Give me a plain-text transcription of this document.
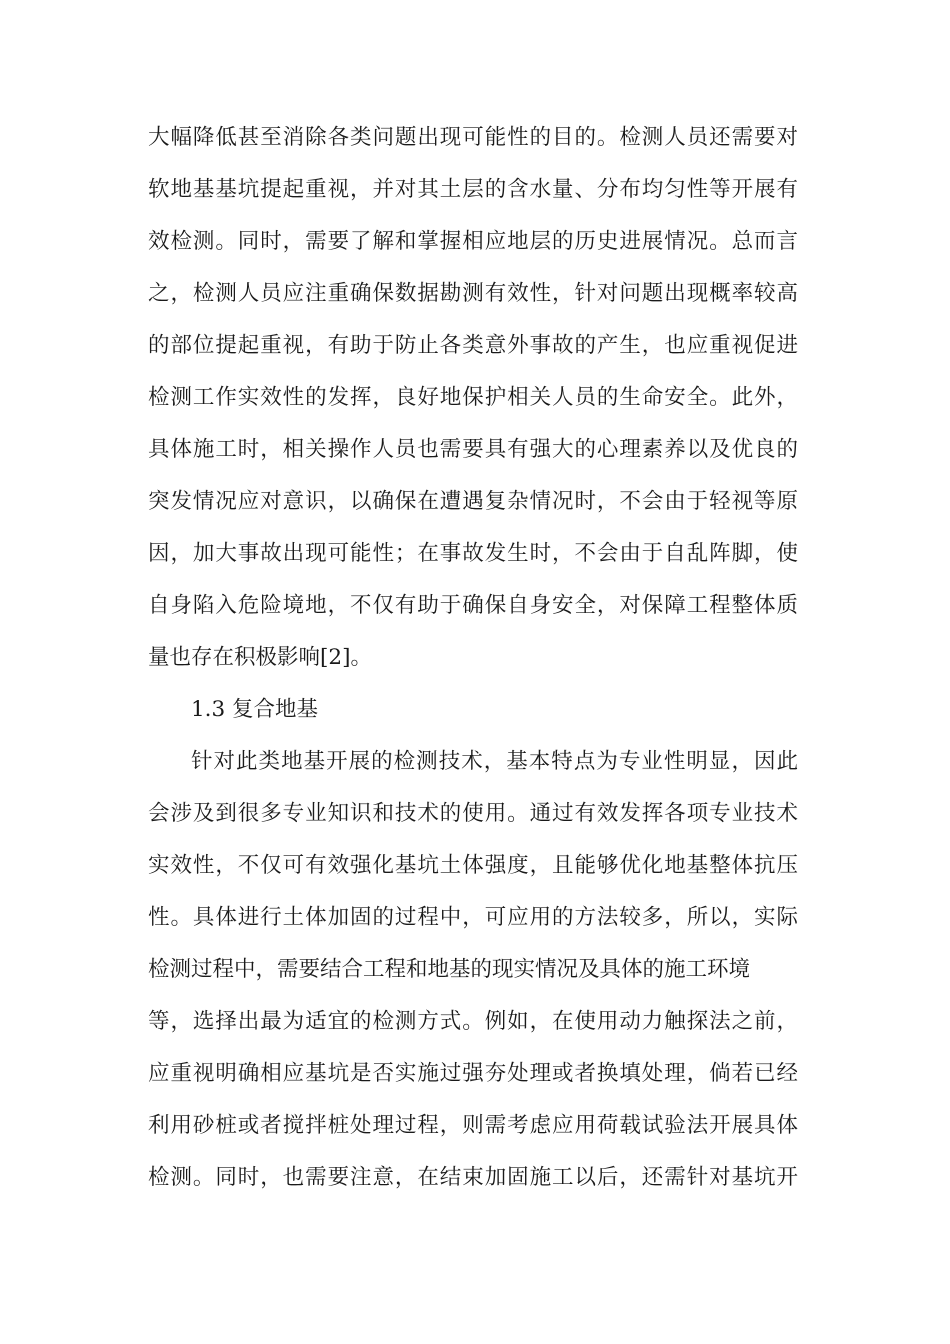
大幅降低甚至消除各类问题出现可能性的目的。检测人员还需要对
软地基基坑提起重视，并对其土层的含水量、分布均匀性等开展有
效检测。同时，需要了解和掌握相应地层的历史进展情况。总而言
之，检测人员应注重确保数据勘测有效性，针对问题出现概率较高
的部位提起重视，有助于防止各类意外事故的产生，也应重视促进
检测工作实效性的发挥，良好地保护相关人员的生命安全。此外，
具体施工时，相关操作人员也需要具有强大的心理素养以及优良的
突发情况应对意识，以确保在遭遇复杂情况时，不会由于轻视等原
因，加大事故出现可能性；在事故发生时，不会由于自乱阵脚，使
自身陷入危险境地，不仅有助于确保自身安全，对保障工程整体质
量也存在积极影响[2]。
1.3 复合地基
针对此类地基开展的检测技术，基本特点为专业性明显，因此
会涉及到很多专业知识和技术的使用。通过有效发挥各项专业技术
实效性，不仅可有效强化基坑土体强度，且能够优化地基整体抗压
性。具体进行土体加固的过程中，可应用的方法较多，所以，实际
检测过程中，需要结合工程和地基的现实情况及具体的施工环境
等，选择出最为适宜的检测方式。例如，在使用动力触探法之前，
应重视明确相应基坑是否实施过强夯处理或者换填处理，倘若已经
利用砂桩或者搅拌桩处理过程，则需考虑应用荷载试验法开展具体
检测。同时，也需要注意，在结束加固施工以后，还需针对基坑开
